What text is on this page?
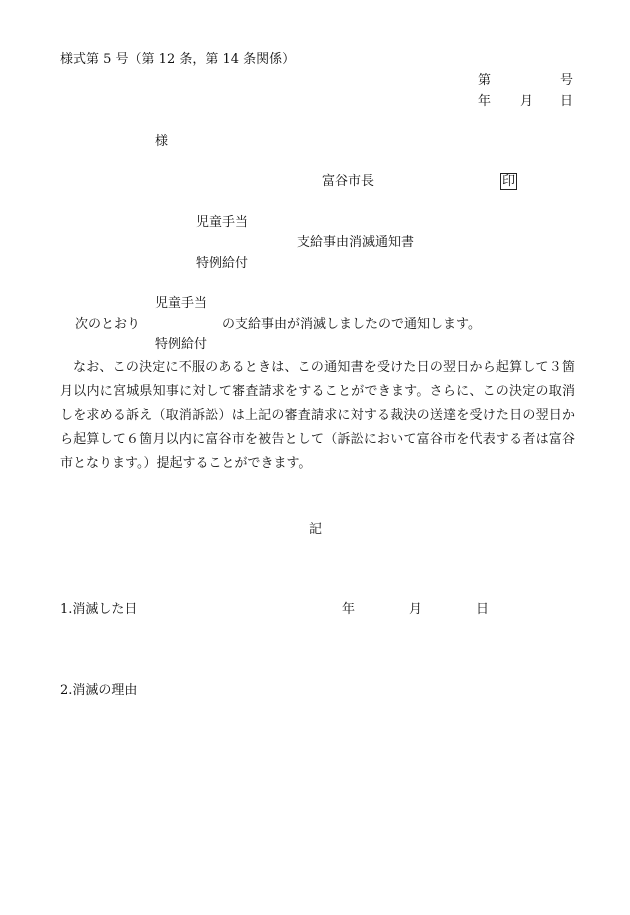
様式第 5 号（第 12 条，第 14 条関係）
第	号
年 月 日
様
富谷市長	印
児童手当
支給事由消滅通知書
特例給付
児童手当
次のとおり	の支給事由が消滅しましたので通知します。
特例給付
なお、この決定に不服のあるときは、この通知書を受けた日の翌日から起算して３箇月以内に宮城県知事に対して審査請求をすることができます。さらに、この決定の取消しを求める訴え（取消訴訟）は上記の審査請求に対する裁決の送達を受けた日の翌日から起算して６箇月以内に富谷市を被告として（訴訟において富谷市を代表する者は富谷市となります。）提起することができます。
記
1.消滅した日	年	月	日
2.消滅の理由
